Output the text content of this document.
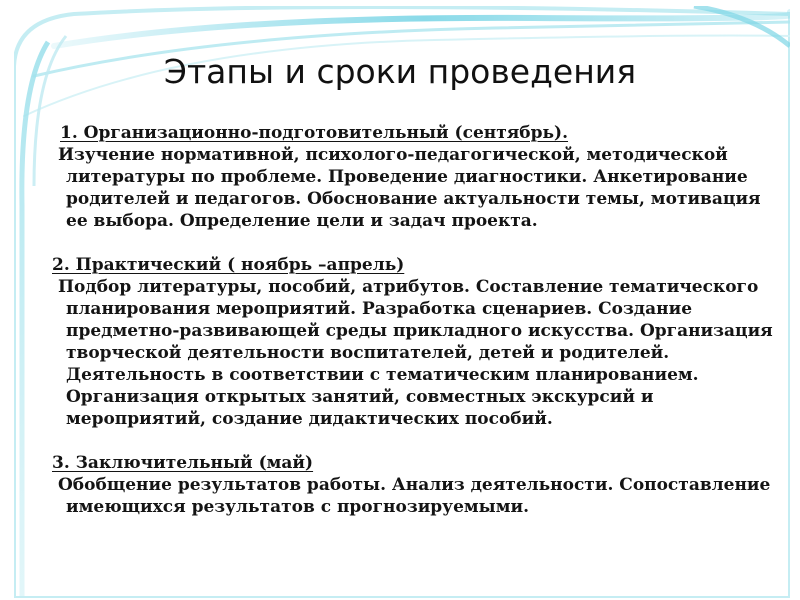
Этапы и сроки проведения

1. Организационно-подготовительный (сентябрь).

Изучение нормативной, психолого-педагогической, методической литературы по проблеме. Проведение диагностики. Анкетирование родителей и педагогов. Обоснование актуальности темы, мотивация ее выбора. Определение цели и задач проекта.

2. Практический ( ноябрь –апрель)

Подбор литературы, пособий, атрибутов. Составление тематического планирования мероприятий. Разработка сценариев. Создание предметно-развивающей среды прикладного искусства. Организация творческой деятельности воспитателей, детей и родителей. Деятельность в соответствии с тематическим планированием. Организация открытых занятий, совместных экскурсий и мероприятий, создание дидактических пособий.

3. Заключительный (май)

Обобщение результатов работы. Анализ деятельности. Сопоставление имеющихся результатов с прогнозируемыми.
